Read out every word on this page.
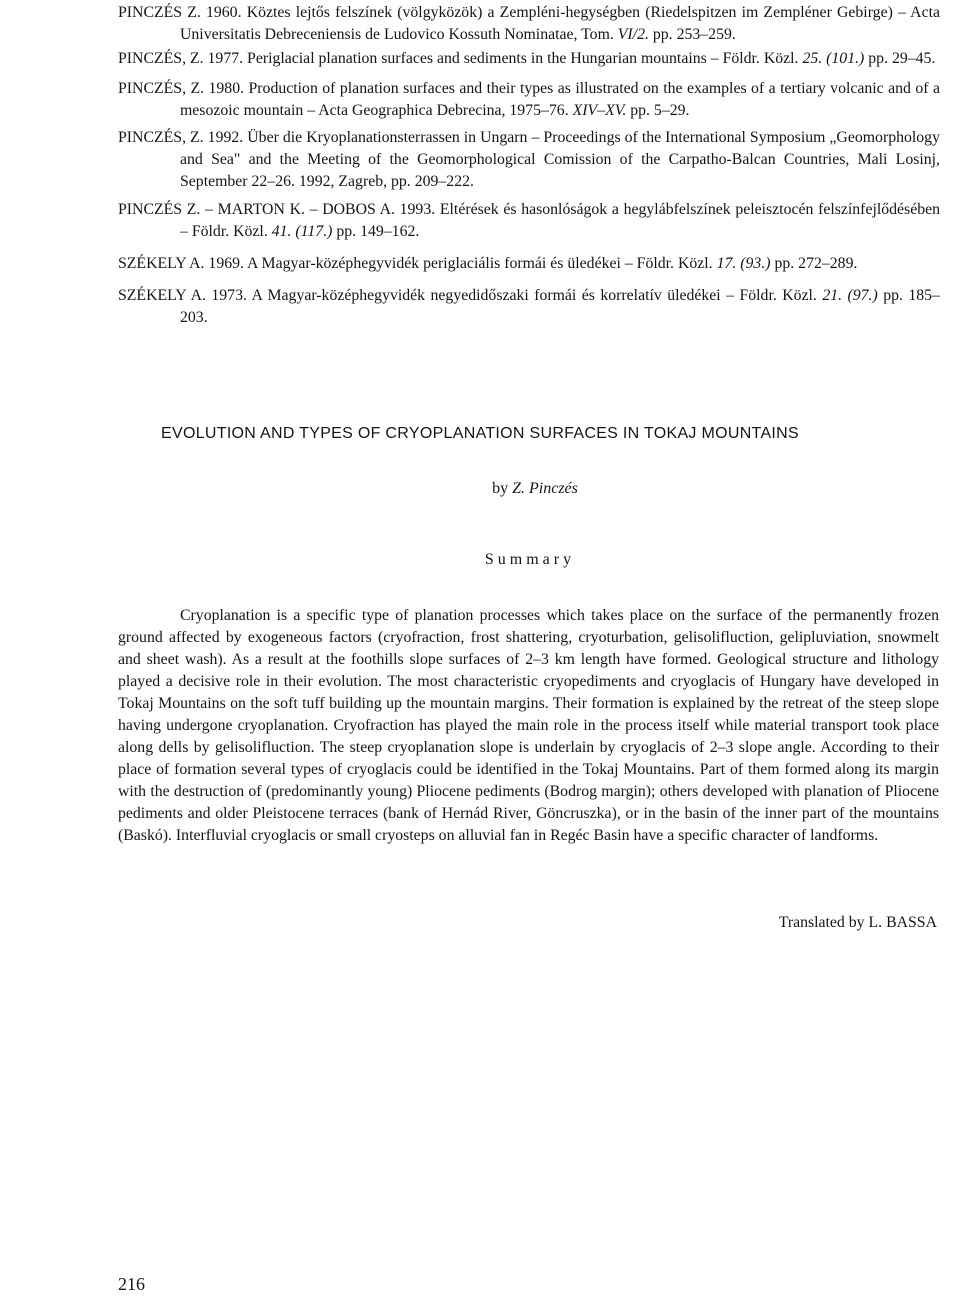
PINCZÉS Z. 1960. Köztes lejtős felszínek (völgyközök) a Zempléni-hegységben (Riedelspitzen im Zempléner Gebirge) – Acta Universitatis Debreceniensis de Ludovico Kossuth Nominatae, Tom. VI/2. pp. 253–259.
PINCZÉS, Z. 1977. Periglacial planation surfaces and sediments in the Hungarian mountains – Földr. Közl. 25. (101.) pp. 29–45.
PINCZÉS, Z. 1980. Production of planation surfaces and their types as illustrated on the examples of a tertiary volcanic and of a mesozoic mountain – Acta Geographica Debrecina, 1975–76. XIV–XV. pp. 5–29.
PINCZÉS, Z. 1992. Über die Kryoplanationsterrassen in Ungarn – Proceedings of the International Symposium „Geomorphology and Sea" and the Meeting of the Geomorphological Comission of the Carpatho-Balcan Countries, Mali Losinj, September 22–26. 1992, Zagreb, pp. 209–222.
PINCZÉS Z. – MARTON K. – DOBOS A. 1993. Eltérések és hasonlóságok a hegylábfelszínek peleisztocén felszínfejlődésében – Földr. Közl. 41. (117.) pp. 149–162.
SZÉKELY A. 1969. A Magyar-középhegyvidék periglaciális formái és üledékei – Földr. Közl. 17. (93.) pp. 272–289.
SZÉKELY A. 1973. A Magyar-középhegyvidék negyedidőszaki formái és korrelatív üledékei – Földr. Közl. 21. (97.) pp. 185–203.
EVOLUTION AND TYPES OF CRYOPLANATION SURFACES IN TOKAJ MOUNTAINS
by Z. Pinczés
Summary

Cryoplanation is a specific type of planation processes which takes place on the surface of the permanently frozen ground affected by exogeneous factors (cryofraction, frost shattering, cryoturbation, gelisolifluction, gelipluviation, snowmelt and sheet wash). As a result at the foothills slope surfaces of 2–3 km length have formed. Geological structure and lithology played a decisive role in their evolution. The most characteristic cryopediments and cryoglacis of Hungary have developed in Tokaj Mountains on the soft tuff building up the mountain margins. Their formation is explained by the retreat of the steep slope having undergone cryoplanation. Cryofraction has played the main role in the process itself while material transport took place along dells by gelisolifluction. The steep cryoplanation slope is underlain by cryoglacis of 2–3 slope angle. According to their place of formation several types of cryoglacis could be identified in the Tokaj Mountains. Part of them formed along its margin with the destruction of (predominantly young) Pliocene pediments (Bodrog margin); others developed with planation of Pliocene pediments and older Pleistocene terraces (bank of Hernád River, Göncruszka), or in the basin of the inner part of the mountains (Baskó). Interfluvial cryoglacis or small cryosteps on alluvial fan in Regéc Basin have a specific character of landforms.

Translated by L. BASSA
216
